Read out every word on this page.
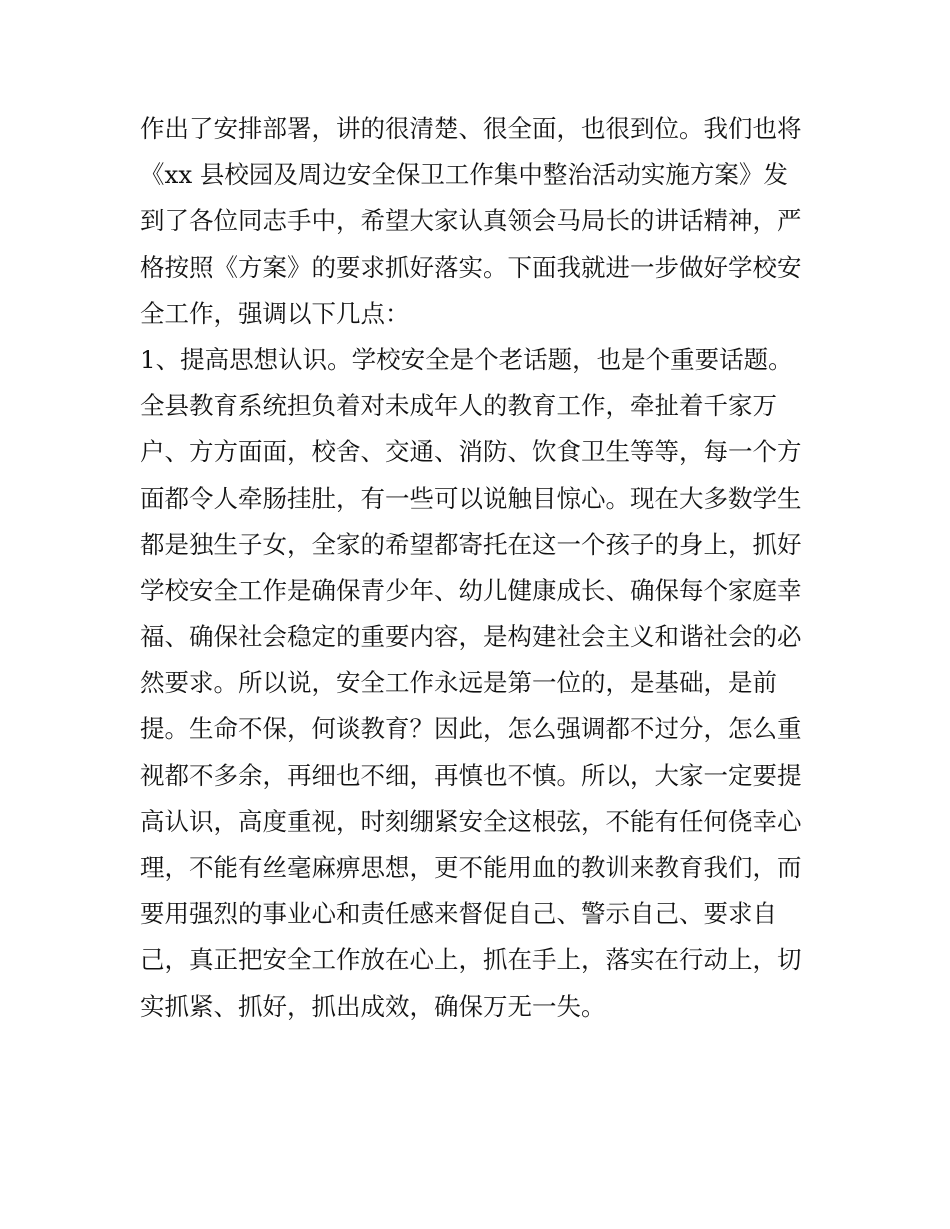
作出了安排部署，讲的很清楚、很全面，也很到位。我们也将
《xx 县校园及周边安全保卫工作集中整治活动实施方案》发
到了各位同志手中，希望大家认真领会马局长的讲话精神，严
格按照《方案》的要求抓好落实。下面我就进一步做好学校安
全工作，强调以下几点：
1、提高思想认识。学校安全是个老话题，也是个重要话题。
全县教育系统担负着对未成年人的教育工作，牵扯着千家万
户、方方面面，校舍、交通、消防、饮食卫生等等，每一个方
面都令人牵肠挂肚，有一些可以说触目惊心。现在大多数学生
都是独生子女，全家的希望都寄托在这一个孩子的身上，抓好
学校安全工作是确保青少年、幼儿健康成长、确保每个家庭幸
福、确保社会稳定的重要内容，是构建社会主义和谐社会的必
然要求。所以说，安全工作永远是第一位的，是基础，是前
提。生命不保，何谈教育？因此，怎么强调都不过分，怎么重
视都不多余，再细也不细，再慎也不慎。所以，大家一定要提
高认识，高度重视，时刻绷紧安全这根弦，不能有任何侥幸心
理，不能有丝毫麻痹思想，更不能用血的教训来教育我们，而
要用强烈的事业心和责任感来督促自己、警示自己、要求自
己，真正把安全工作放在心上，抓在手上，落实在行动上，切
实抓紧、抓好，抓出成效，确保万无一失。
